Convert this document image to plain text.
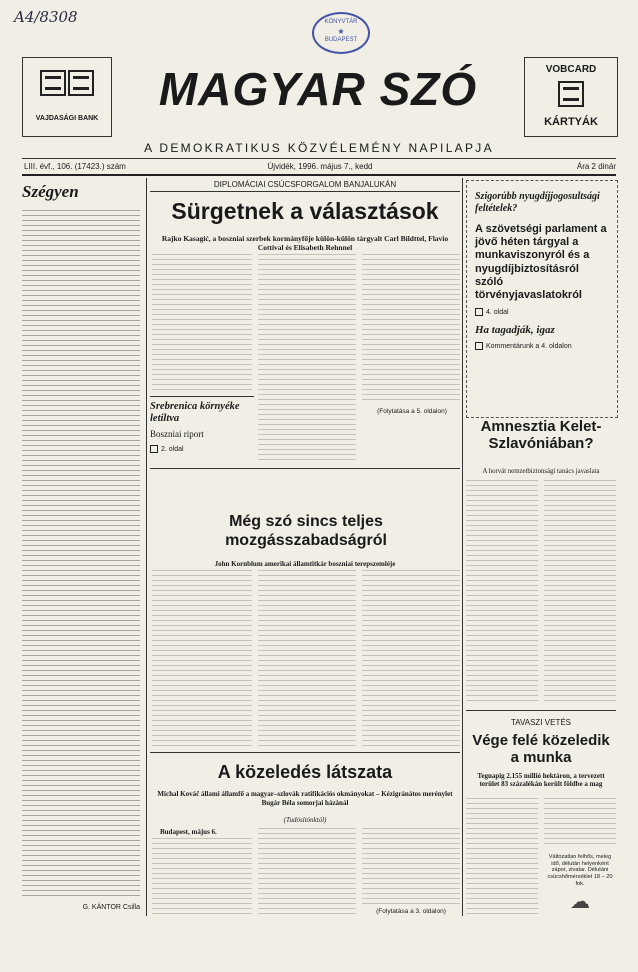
A4/8308	KÖNYVTÁR
★
BUDAPEST
VAJDASÁGI BANK
MAGYAR SZÓ
A DEMOKRATIKUS KÖZVÉLEMÉNY NAPILAPJA
VOBCARD
KÁRTYÁK
LIII. évf., 106. (17423.) szám	Újvidék, 1996. május 7., kedd	Ára 2 dinár
Szégyen
G. KÁNTOR Csilla
DIPLOMÁCIAI CSÚCSFORGALOM BANJALUKÁN
Sürgetnek a választások
Rajko Kasagić, a boszniai szerbek kormányfője külön-külön tárgyalt Carl Bildttel, Flavio Cottival és Elisabeth Rehnnel
Srebrenica környéke letiltva
Boszniai riport
2. oldal
(Folytatása a 5. oldalon)
Szigorúbb nyugdíjjogosultsági feltételek?
A szövetségi parlament a jövő héten tárgyal a munkaviszonyról és a nyugdíjbiztosításról szóló törvényjavaslatokról
4. oldal
Ha tagadják, igaz
Kommentárunk a 4. oldalon
Amnesztia Kelet-Szlavóniában?
A horvát nemzetbiztonsági tanács javaslata
Még szó sincs teljes mozgásszabadságról
John Kornblum amerikai államtitkár boszniai terepszemléje
TAVASZI VETÉS
Vége felé közeledik a munka
Tegnapig 2.155 millió hektáron, a tervezett terület 83 százalékán került földbe a mag
Változatlan felhős, meleg idő, délután helyenként zápor, zivatar. Délutáni csúcshőmérséklet 18 – 20 fok.
☁
A közeledés látszata
Michal Kováč állami államfő a magyar–szlovák ratifikációs okmányokat – Kézigránátos merénylet Bugár Béla somorjai házánál
(Tudósítónktól)
Budapest, május 6.
(Folytatása a 3. oldalon)
